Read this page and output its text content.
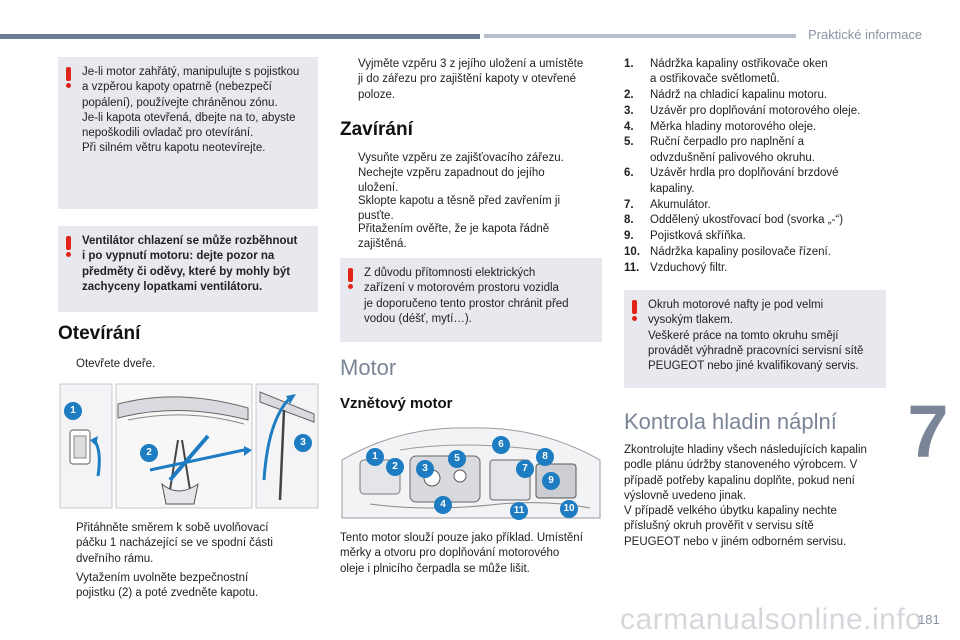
Praktické informace

Je-li motor zahřátý, manipulujte s pojistkou

a vzpěrou kapoty opatrně (nebezpečí

popálení), používejte chráněnou zónu.

Je-li kapota otevřená, dbejte na to, abyste

nepoškodili ovladač pro otevírání.

Při silném větru kapotu neotevírejte.

Ventilátor chlazení se může rozběhnout

i po vypnutí motoru: dejte pozor na

předměty či oděvy, které by mohly být

zachyceny lopatkami ventilátoru.

Otevírání
Otevřete dveře.
1
2
3
Přitáhněte směrem k sobě uvolňovací
páčku 1 nacházející se ve spodní části
dveřního rámu.
Vytažením uvolněte bezpečnostní
pojistku (2) a poté zvedněte kapotu.
Vyjměte vzpěru 3 z jejího uložení a umístěte
ji do zářezu pro zajištění kapoty v otevřené
poloze.
Zavírání
Vysuňte vzpěru ze zajišťovacího zářezu.
Nechejte vzpěru zapadnout do jejího
uložení.
Sklopte kapotu a těsně před zavřením ji
pusťte.
Přitažením ověřte, že je kapota řádně
zajištěná.

Z důvodu přítomnosti elektrických

zařízení v motorovém prostoru vozidla

je doporučeno tento prostor chránit před

vodou (déšť, mytí…).

Motor
Vznětový motor
1
2	3
4
5
6
7
8
9
10
11
Tento motor slouží pouze jako příklad. Umístění
měrky a otvoru pro doplňování motorového
oleje i plnicího čerpadla se může lišit.
1. Nádržka kapaliny ostřikovače oken
a ostřikovače světlometů.
2. Nádrž na chladicí kapalinu motoru.
3. Uzávěr pro doplňování motorového oleje.
4. Měrka hladiny motorového oleje.
5. Ruční čerpadlo pro naplnění a
odvzdušnění palivového okruhu.
6. Uzávěr hrdla pro doplňování brzdové
kapaliny.
7. Akumulátor.
8. Oddělený ukostřovací bod (svorka „-“)
9. Pojistková skříňka.
10. Nádržka kapaliny posilovače řízení.
11. Vzduchový filtr.

Okruh motorové nafty je pod velmi

vysokým tlakem.

Veškeré práce na tomto okruhu smějí

provádět výhradně pracovníci servisní sítě

PEUGEOT nebo jiné kvalifikovaný servis.

Kontrola hladin náplní
Zkontrolujte hladiny všech následujících kapalin
podle plánu údržby stanoveného výrobcem. V
případě potřeby kapalinu doplňte, pokud není
výslovně uvedeno jinak.
V případě velkého úbytku kapaliny nechte
příslušný okruh prověřit v servisu sítě
PEUGEOT nebo v jiném odborném servisu.
7
carmanualsonline.info
181
